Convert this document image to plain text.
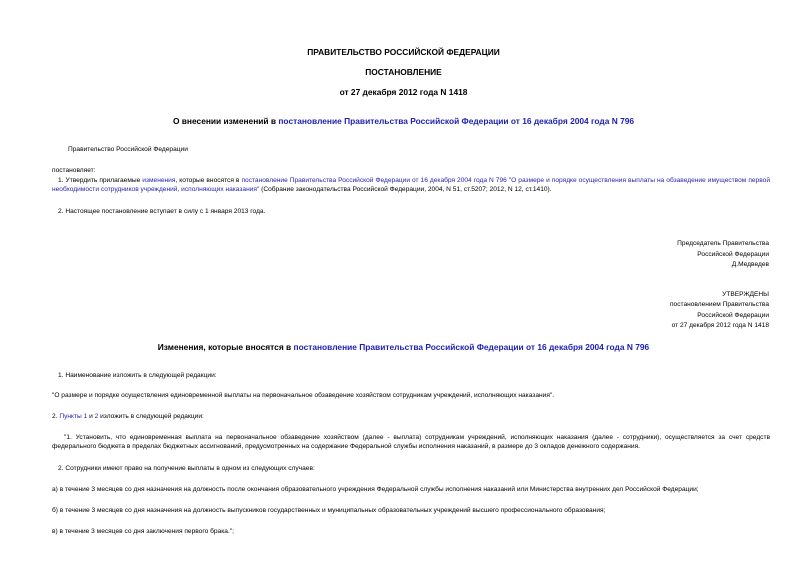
ПРАВИТЕЛЬСТВО РОССИЙСКОЙ ФЕДЕРАЦИИ
ПОСТАНОВЛЕНИЕ
от 27 декабря 2012 года N 1418
О внесении изменений в постановление Правительства Российской Федерации от 16 декабря 2004 года N 796
Правительство Российской Федерации
постановляет:
1. Утвердить прилагаемые изменения, которые вносятся в постановление Правительства Российской Федерации от 16 декабря 2004 года N 796 "О размере и порядке осуществления выплаты на обзаведение имуществом первой необходимости сотрудников учреждений, исполняющих наказания" (Собрание законодательства Российской Федерации, 2004, N 51, ст.5207; 2012, N 12, ст.1410).
2. Настоящее постановление вступает в силу с 1 января 2013 года.
Председатель Правительства
Российской Федерации
Д.Медведев
УТВЕРЖДЕНЫ
постановлением Правительства
Российской Федерации
от 27 декабря 2012 года N 1418
Изменения, которые вносятся в постановление Правительства Российской Федерации от 16 декабря 2004 года N 796
1. Наименование изложить в следующей редакции:
"О размере и порядке осуществления единовременной выплаты на первоначальное обзаведение хозяйством сотрудникам учреждений, исполняющих наказания".
2. Пункты 1 и 2 изложить в следующей редакции:
"1. Установить, что единовременная выплата на первоначальное обзаведение хозяйством (далее - выплата) сотрудникам учреждений, исполняющих наказания (далее - сотрудники), осуществляется за счет средств федерального бюджета в пределах бюджетных ассигнований, предусмотренных на содержание Федеральной службы исполнения наказаний, в размере до 3 окладов денежного содержания.
2. Сотрудники имеют право на получение выплаты в одном из следующих случаев:
а) в течение 3 месяцев со дня назначения на должность после окончания образовательного учреждения Федеральной службы исполнения наказаний или Министерства внутренних дел Российской Федерации;
б) в течение 3 месяцев со дня назначения на должность выпускников государственных и муниципальных образовательных учреждений высшего профессионального образования;
в) в течение 3 месяцев со дня заключения первого брака.";
